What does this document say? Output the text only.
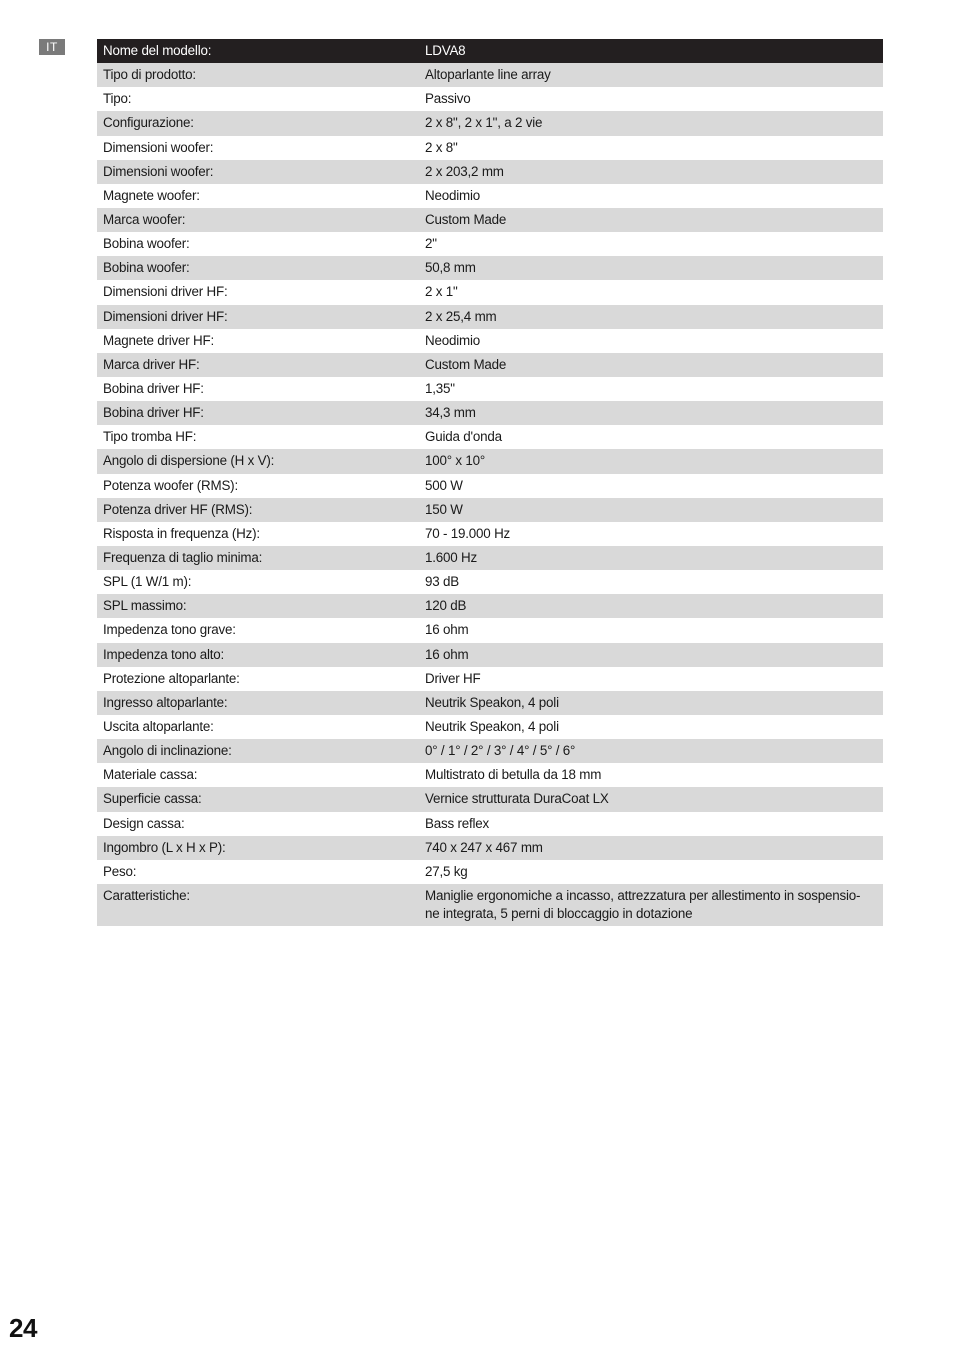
IT	Nome del modello:	LDVA8
Tipo di prodotto:	Altoparlante line array
Tipo:	Passivo
Configurazione:	2 x 8", 2 x 1", a 2 vie
Dimensioni woofer:	2 x 8"
Dimensioni woofer:	2 x 203,2 mm
Magnete woofer:	Neodimio
Marca woofer:	Custom Made
Bobina woofer:	2"
Bobina woofer:	50,8 mm
Dimensioni driver HF:	2 x 1"
Dimensioni driver HF:	2 x 25,4 mm
Magnete driver HF:	Neodimio
Marca driver HF:	Custom Made
Bobina driver HF:	1,35"
Bobina driver HF:	34,3 mm
Tipo tromba HF:	Guida d'onda
Angolo di dispersione (H x V):	100° x 10°
Potenza woofer (RMS):	500 W
Potenza driver HF (RMS):	150 W
Risposta in frequenza (Hz):	70 - 19.000 Hz
Frequenza di taglio minima:	1.600 Hz
SPL (1 W/1 m):	93 dB
SPL massimo:	120 dB
Impedenza tono grave:	16 ohm
Impedenza tono alto:	16 ohm
Protezione altoparlante:	Driver HF
Ingresso altoparlante:	Neutrik Speakon, 4 poli
Uscita altoparlante:	Neutrik Speakon, 4 poli
Angolo di inclinazione:	0° / 1° / 2° / 3° / 4° / 5° / 6°
Materiale cassa:	Multistrato di betulla da 18 mm
Superficie cassa:	Vernice strutturata DuraCoat LX
Design cassa:	Bass reflex
Ingombro (L x H x P):	740 x 247 x 467 mm
Peso:	27,5 kg
Caratteristiche:	Maniglie ergonomiche a incasso, attrezzatura per allestimento in sospensio-
ne integrata, 5 perni di bloccaggio in dotazione
24
